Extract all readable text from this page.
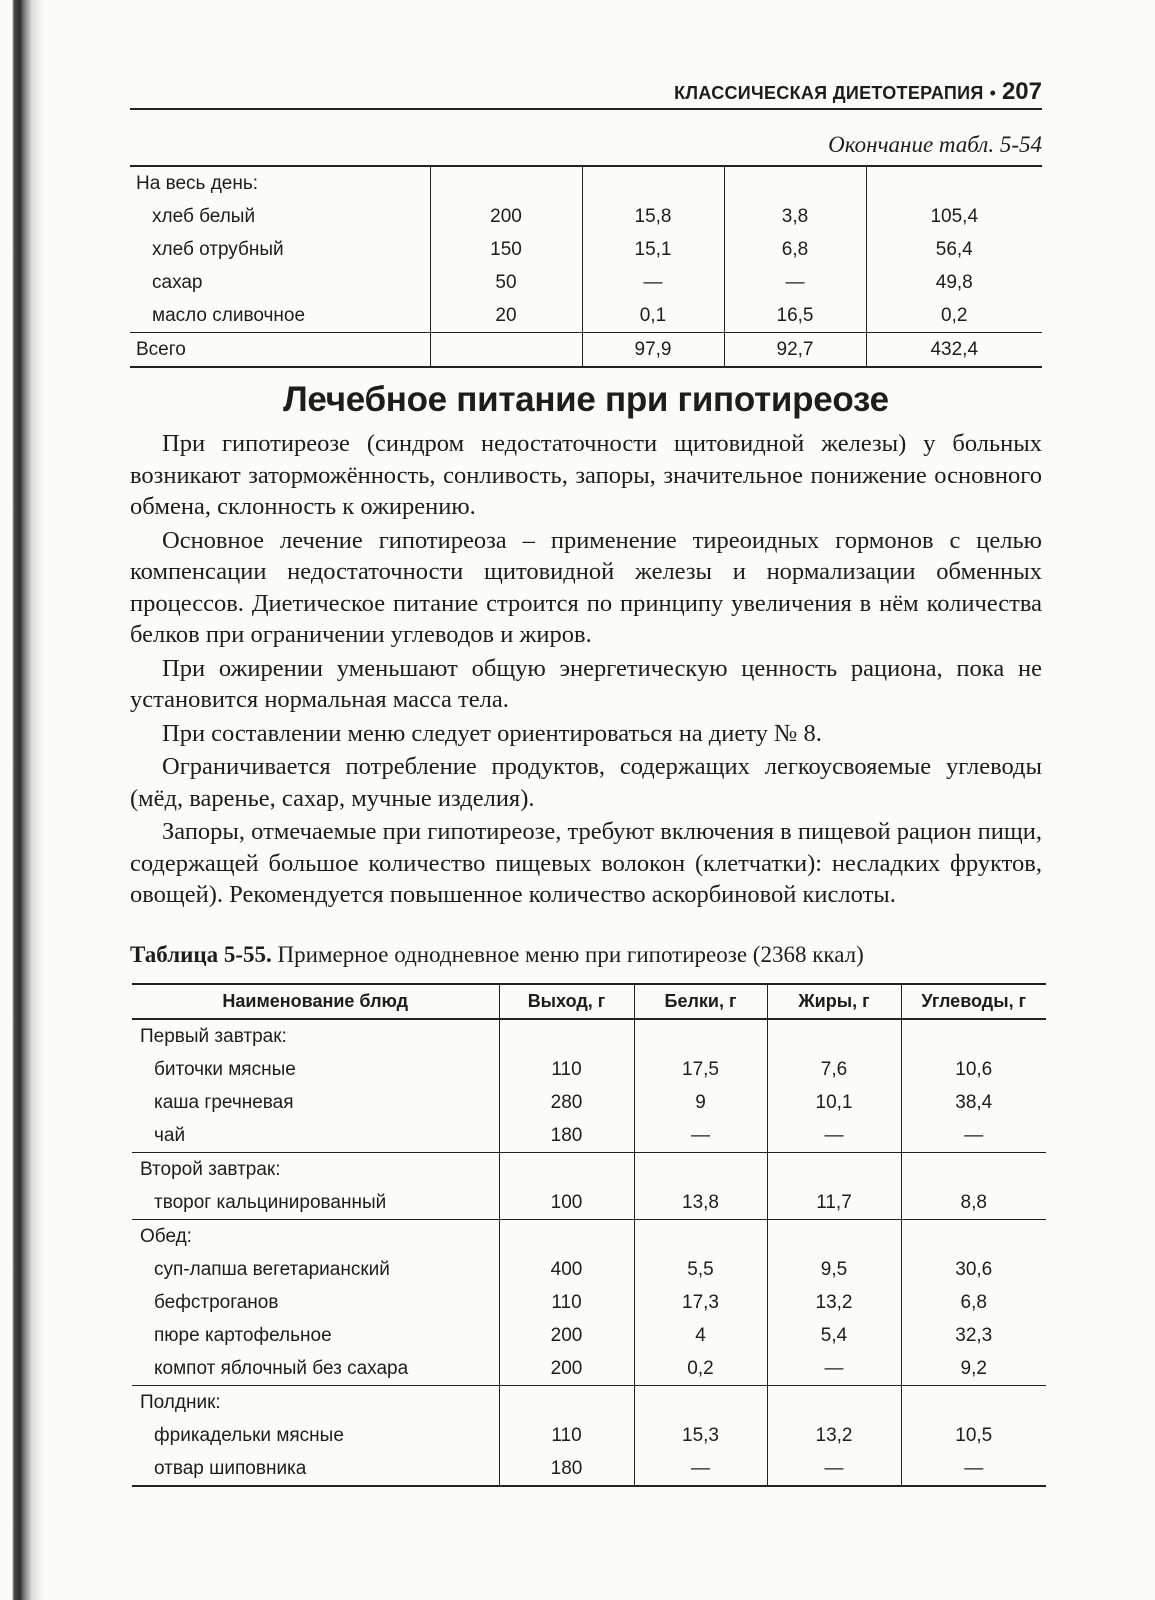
КЛАССИЧЕСКАЯ ДИЕТОТЕРАПИЯ • 207
Окончание табл. 5-54
На весь день:				
хлеб белый	200	15,8	3,8	105,4
хлеб отрубный	150	15,1	6,8	56,4
сахар	50	—	—	49,8
масло сливочное	20	0,1	16,5	0,2
Всего		97,9	92,7	432,4
Лечебное питание при гипотиреозе

При гипотиреозе (синдром недостаточности щитовидной железы) у больных возникают заторможённость, сонливость, запоры, значительное понижение основного обмена, склонность к ожирению.

Основное лечение гипотиреоза – применение тиреоидных гормонов с целью компенсации недостаточности щитовидной железы и нормализации обменных процессов. Диетическое питание строится по принципу увеличения в нём количества белков при ограничении углеводов и жиров.

При ожирении уменьшают общую энергетическую ценность рациона, пока не установится нормальная масса тела.

При составлении меню следует ориентироваться на диету № 8.

Ограничивается потребление продуктов, содержащих легкоусвояемые углеводы (мёд, варенье, сахар, мучные изделия).

Запоры, отмечаемые при гипотиреозе, требуют включения в пищевой рацион пищи, содержащей большое количество пищевых волокон (клетчатки): несладких фруктов, овощей). Рекомендуется повышенное количество аскорбиновой кислоты.

Таблица 5-55. Примерное однодневное меню при гипотиреозе (2368 ккал)
Наименование блюд	Выход, г	Белки, г	Жиры, г	Углеводы, г
Первый завтрак:				
биточки мясные	110	17,5	7,6	10,6
каша гречневая	280	9	10,1	38,4
чай	180	—	—	—
Второй завтрак:				
творог кальцинированный	100	13,8	11,7	8,8
Обед:				
суп-лапша вегетарианский	400	5,5	9,5	30,6
бефстроганов	110	17,3	13,2	6,8
пюре картофельное	200	4	5,4	32,3
компот яблочный без сахара	200	0,2	—	9,2
Полдник:				
фрикадельки мясные	110	15,3	13,2	10,5
отвар шиповника	180	—	—	—
